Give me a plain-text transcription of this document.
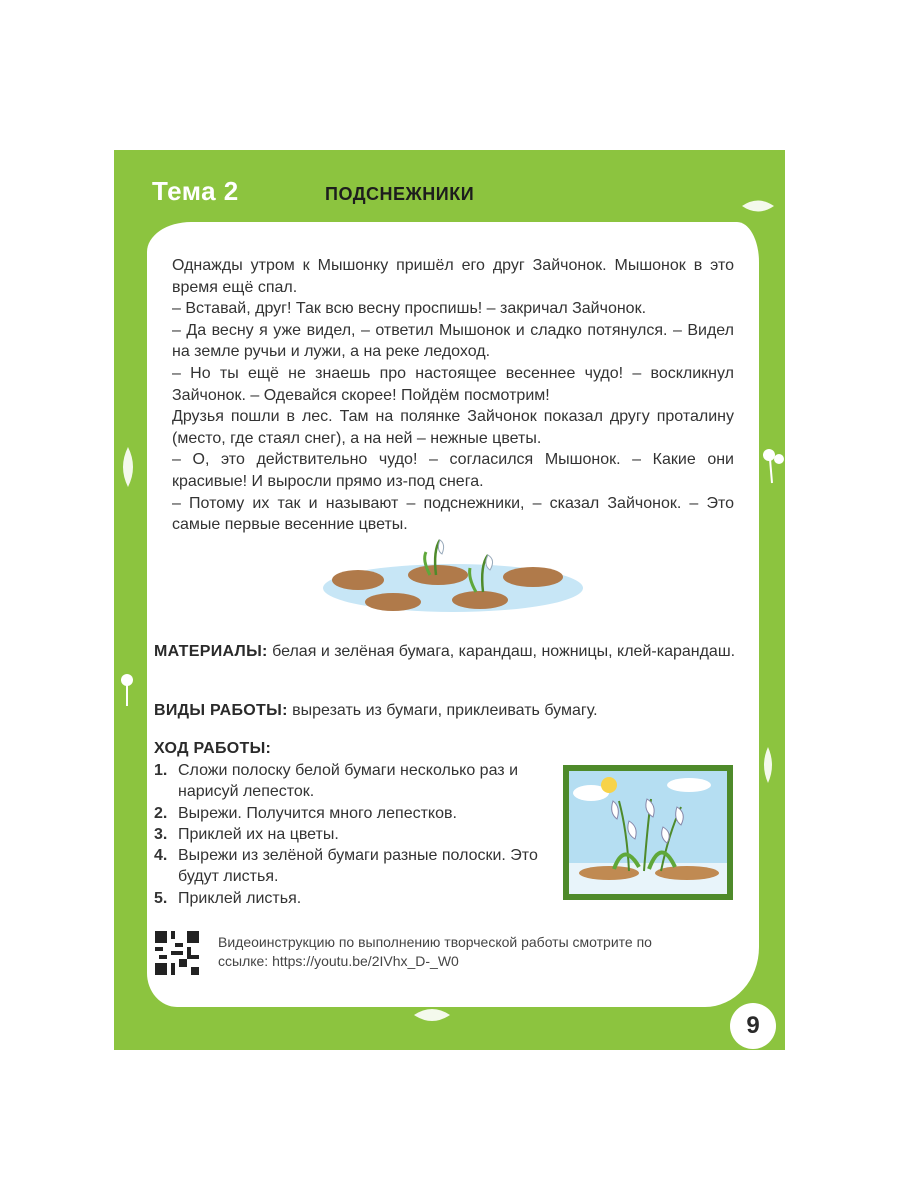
Тема 2	ПОДСНЕЖНИКИ

Однажды утром к Мышонку пришёл его друг Зайчонок. Мышонок в это время ещё спал.

– Вставай, друг! Так всю весну проспишь! – закричал Зайчонок.

– Да весну я уже видел, – ответил Мышонок и сладко потянулся. – Видел на земле ручьи и лужи, а на реке ледоход.

– Но ты ещё не знаешь про настоящее весеннее чудо! – воскликнул Зайчонок. – Одевайся скорее! Пойдём посмотрим!

Друзья пошли в лес. Там на полянке Зайчонок показал другу проталину (место, где стаял снег), а на ней – нежные цветы.

– О, это действительно чудо! – согласился Мышонок. – Какие они красивые! И выросли прямо из-под снега.

– Потому их так и называют – подснежники, – сказал Зайчонок. – Это самые первые весенние цветы.

МАТЕРИАЛЫ: белая и зелёная бумага, карандаш, ножницы, клей-карандаш.
ВИДЫ РАБОТЫ: вырезать из бумаги, приклеивать бумагу.
ХОД РАБОТЫ:
1. Сложи полоску белой бумаги несколько раз и нарисуй лепесток.
2. Вырежи. Получится много лепестков.
3. Приклей их на цветы.
4. Вырежи из зелёной бумаги разные полоски. Это будут листья.
5. Приклей листья.
Видеоинструкцию по выполнению творческой работы смотрите по ссылке: https://youtu.be/2IVhx_D-_W0
9
